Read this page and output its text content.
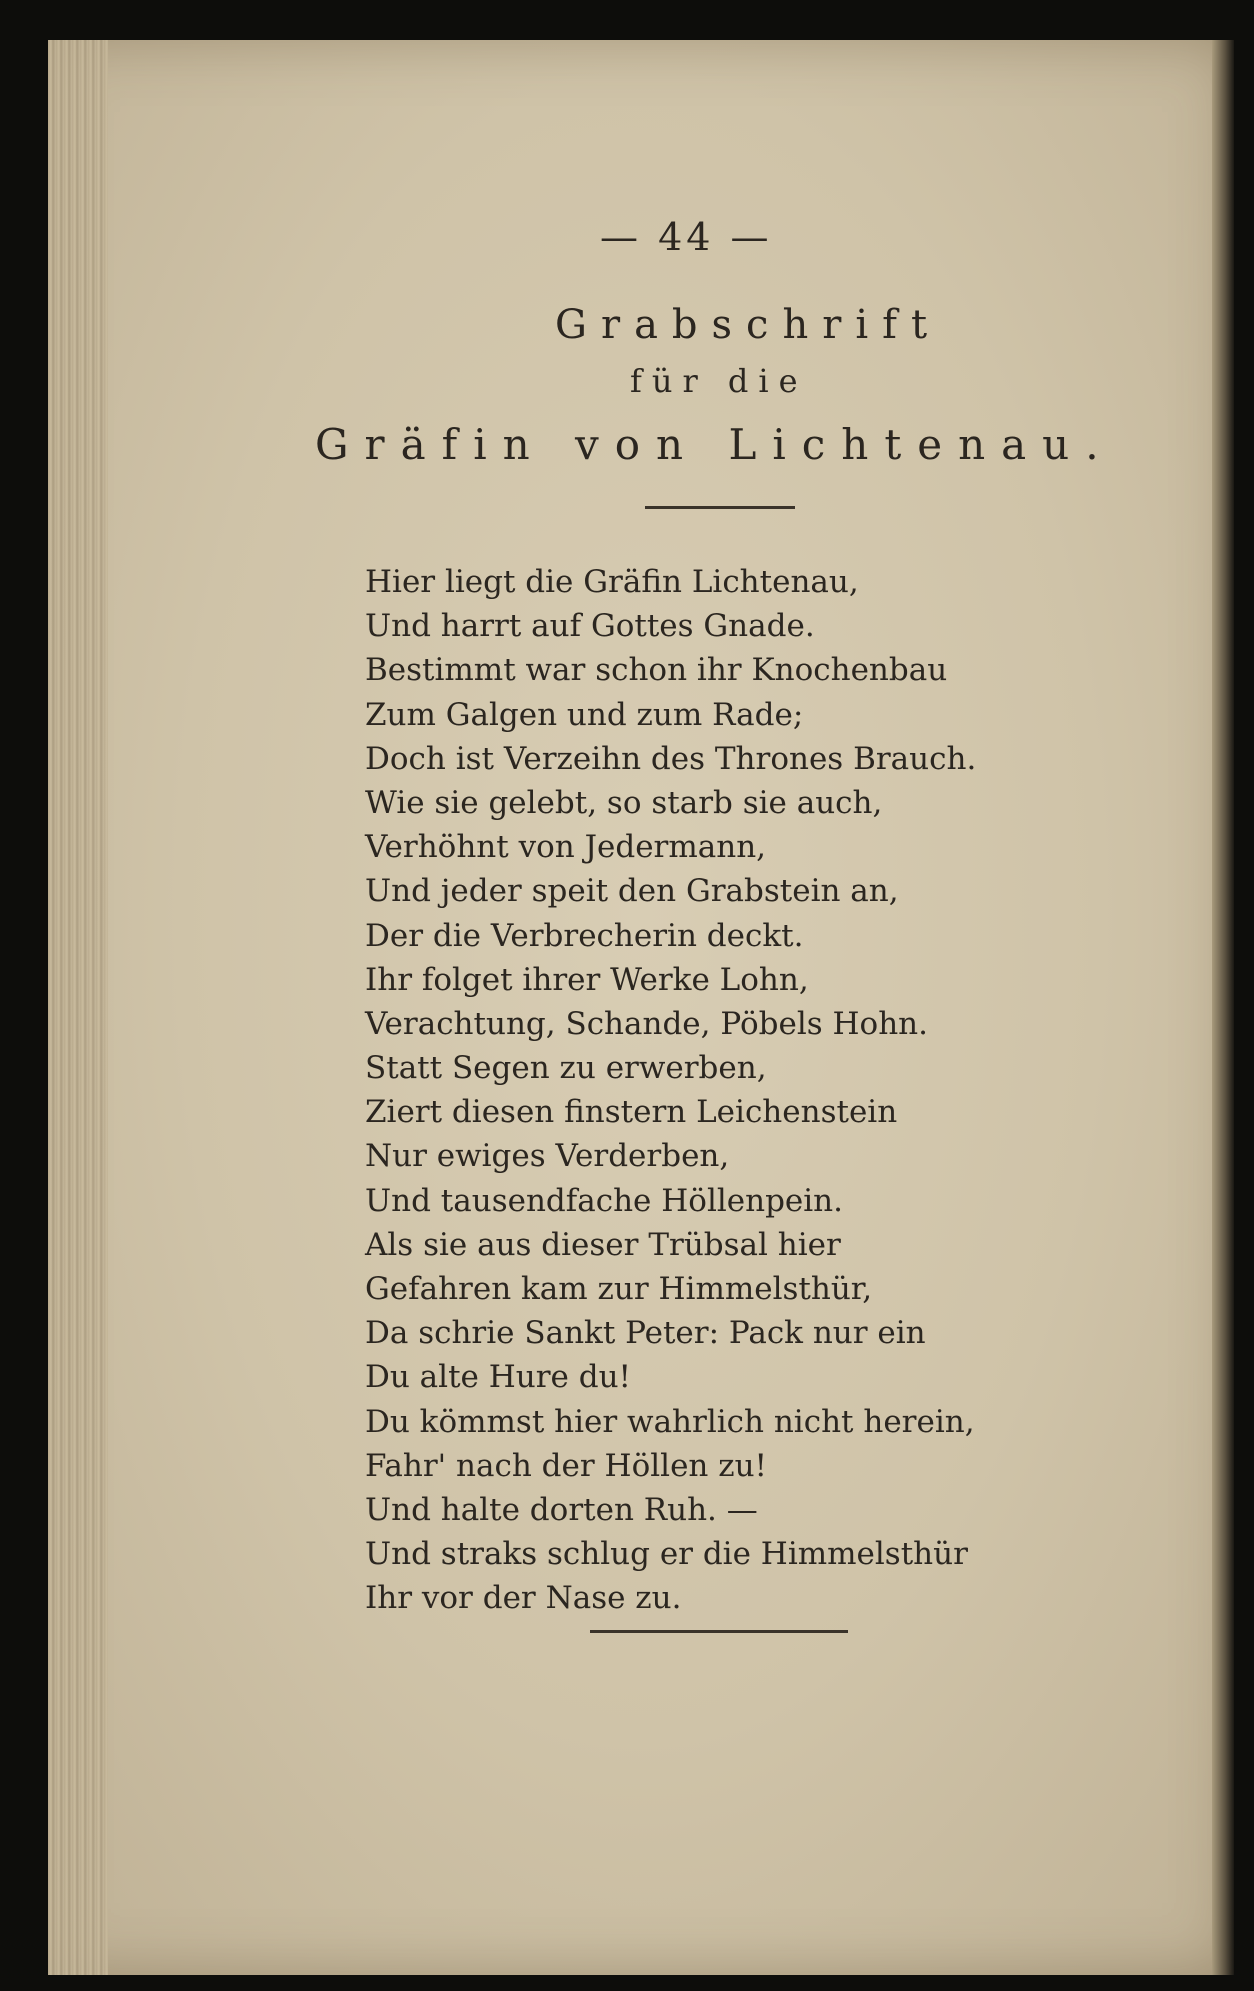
— 44 —
Grabschrift
für die
Gräfin von Lichtenau.
Hier liegt die Gräfin Lichtenau,
Und harrt auf Gottes Gnade.
Bestimmt war schon ihr Knochenbau
Zum Galgen und zum Rade;
Doch ist Verzeihn des Thrones Brauch.
Wie sie gelebt, so starb sie auch,
Verhöhnt von Jedermann,
Und jeder speit den Grabstein an,
Der die Verbrecherin deckt.
Ihr folget ihrer Werke Lohn,
Verachtung, Schande, Pöbels Hohn.
Statt Segen zu erwerben,
Ziert diesen finstern Leichenstein
Nur ewiges Verderben,
Und tausendfache Höllenpein.
Als sie aus dieser Trübsal hier
Gefahren kam zur Himmelsthür,
Da schrie Sankt Peter: Pack nur ein
Du alte Hure du!
Du kömmst hier wahrlich nicht herein,
Fahr' nach der Höllen zu!
Und halte dorten Ruh. —
Und straks schlug er die Himmelsthür
Ihr vor der Nase zu.
